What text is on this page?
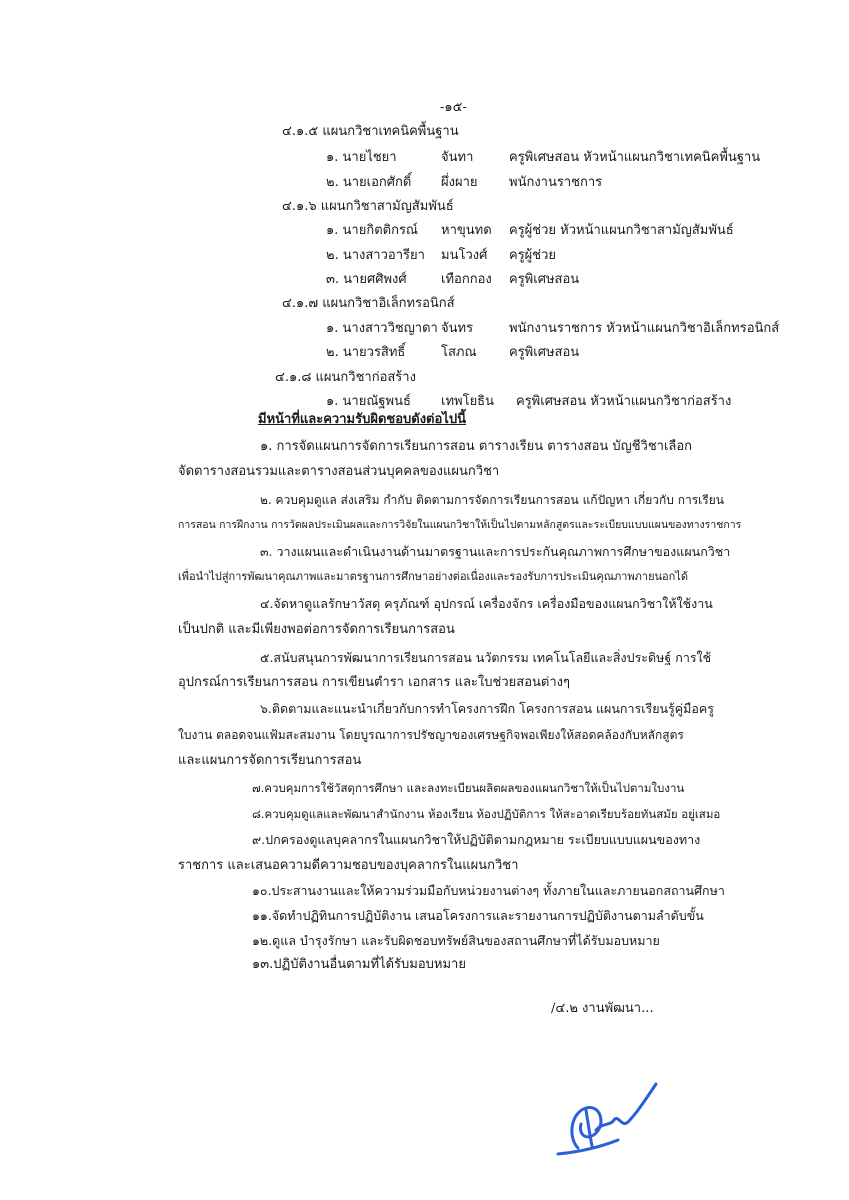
-๑๕-
๔.๑.๕ แผนกวิชาเทคนิคพื้นฐาน
๑. นายไชยา	จันทา	ครูพิเศษสอน หัวหน้าแผนกวิชาเทคนิคพื้นฐาน
๒. นายเอกศักดิ์ ผึ่งผาย พนักงานราชการ
๔.๑.๖ แผนกวิชาสามัญสัมพันธ์
๑. นายกิตติกรณ์ หาขุนทด ครูผู้ช่วย หัวหน้าแผนกวิชาสามัญสัมพันธ์
๒. นางสาวอารียา มนโวงศ์ ครูผู้ช่วย
๓. นายศศิพงศ์	เทือกกอง ครูพิเศษสอน
๔.๑.๗ แผนกวิชาอิเล็กทรอนิกส์
๑. นางสาววิชญาดา จันทร	พนักงานราชการ หัวหน้าแผนกวิชาอิเล็กทรอนิกส์
๒. นายวรสิทธิ์	โสภณ ครูพิเศษสอน
๔.๑.๘ แผนกวิชาก่อสร้าง
๑. นายณัฐพนธ์ เทพโยธิน ครูพิเศษสอน หัวหน้าแผนกวิชาก่อสร้าง
มีหน้าที่และความรับผิดชอบดังต่อไปนี้
๑. การจัดแผนการจัดการเรียนการสอน ตารางเรียน ตารางสอน บัญชีวิชาเลือก
จัดตารางสอนรวมและตารางสอนส่วนบุคคลของแผนกวิชา
๒. ควบคุมดูแล ส่งเสริม กำกับ ติดตามการจัดการเรียนการสอน แก้ปัญหา เกี่ยวกับ การเรียน
การสอน การฝึกงาน การวัดผลประเมินผลและการวิจัยในแผนกวิชาให้เป็นไปตามหลักสูตรและระเบียบแบบแผนของทางราชการ
๓. วางแผนและดำเนินงานด้านมาตรฐานและการประกันคุณภาพการศึกษาของแผนกวิชา
เพื่อนำไปสู่การพัฒนาคุณภาพและมาตรฐานการศึกษาอย่างต่อเนื่องและรองรับการประเมินคุณภาพภายนอกได้
๔.จัดหาดูแลรักษาวัสดุ ครุภัณฑ์ อุปกรณ์ เครื่องจักร เครื่องมือของแผนกวิชาให้ใช้งาน
เป็นปกติ และมีเพียงพอต่อการจัดการเรียนการสอน
๕.สนับสนุนการพัฒนาการเรียนการสอน นวัตกรรม เทคโนโลยีและสิ่งประดิษฐ์ การใช้
อุปกรณ์การเรียนการสอน การเขียนตำรา เอกสาร และใบช่วยสอนต่างๆ
๖.ติดตามและแนะนำเกี่ยวกับการทำโครงการฝึก โครงการสอน แผนการเรียนรู้คู่มือครู
ใบงาน ตลอดจนแฟ้มสะสมงาน โดยบูรณาการปรัชญาของเศรษฐกิจพอเพียงให้สอดคล้องกับหลักสูตร
และแผนการจัดการเรียนการสอน
๗.ควบคุมการใช้วัสดุการศึกษา และลงทะเบียนผลิตผลของแผนกวิชาให้เป็นไปตามใบงาน
๘.ควบคุมดูแลและพัฒนาสำนักงาน ห้องเรียน ห้องปฏิบัติการ ให้สะอาดเรียบร้อยทันสมัย อยู่เสมอ
๙.ปกครองดูแลบุคลากรในแผนกวิชาให้ปฏิบัติตามกฎหมาย ระเบียบแบบแผนของทาง
ราชการ และเสนอความดีความชอบของบุคลากรในแผนกวิชา
๑๐.ประสานงานและให้ความร่วมมือกับหน่วยงานต่างๆ ทั้งภายในและภายนอกสถานศึกษา
๑๑.จัดทำปฏิทินการปฏิบัติงาน เสนอโครงการและรายงานการปฏิบัติงานตามลำดับขั้น
๑๒.ดูแล บำรุงรักษา และรับผิดชอบทรัพย์สินของสถานศึกษาที่ได้รับมอบหมาย
๑๓.ปฏิบัติงานอื่นตามที่ได้รับมอบหมาย
/๔.๒ งานพัฒนา...
